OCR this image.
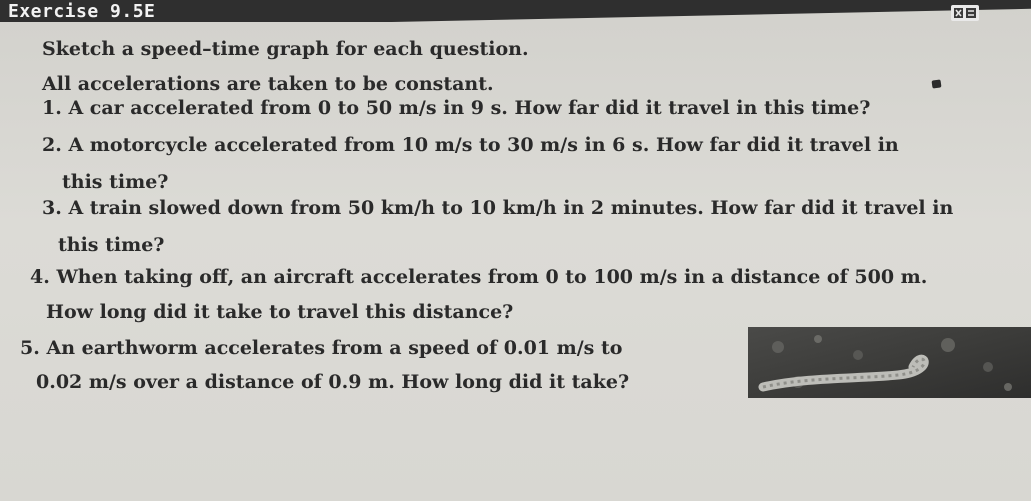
Exercise 9.5E
Sketch a speed–time graph for each question.
All accelerations are taken to be constant.
1. A car accelerated from 0 to 50 m/s in 9 s. How far did it travel in this time?
2. A motorcycle accelerated from 10 m/s to 30 m/s in 6 s. How far did it travel in
this time?
3. A train slowed down from 50 km/h to 10 km/h in 2 minutes. How far did it travel in
this time?
4. When taking off, an aircraft accelerates from 0 to 100 m/s in a distance of 500 m.
How long did it take to travel this distance?
5. An earthworm accelerates from a speed of 0.01 m/s to
0.02 m/s over a distance of 0.9 m. How long did it take?
